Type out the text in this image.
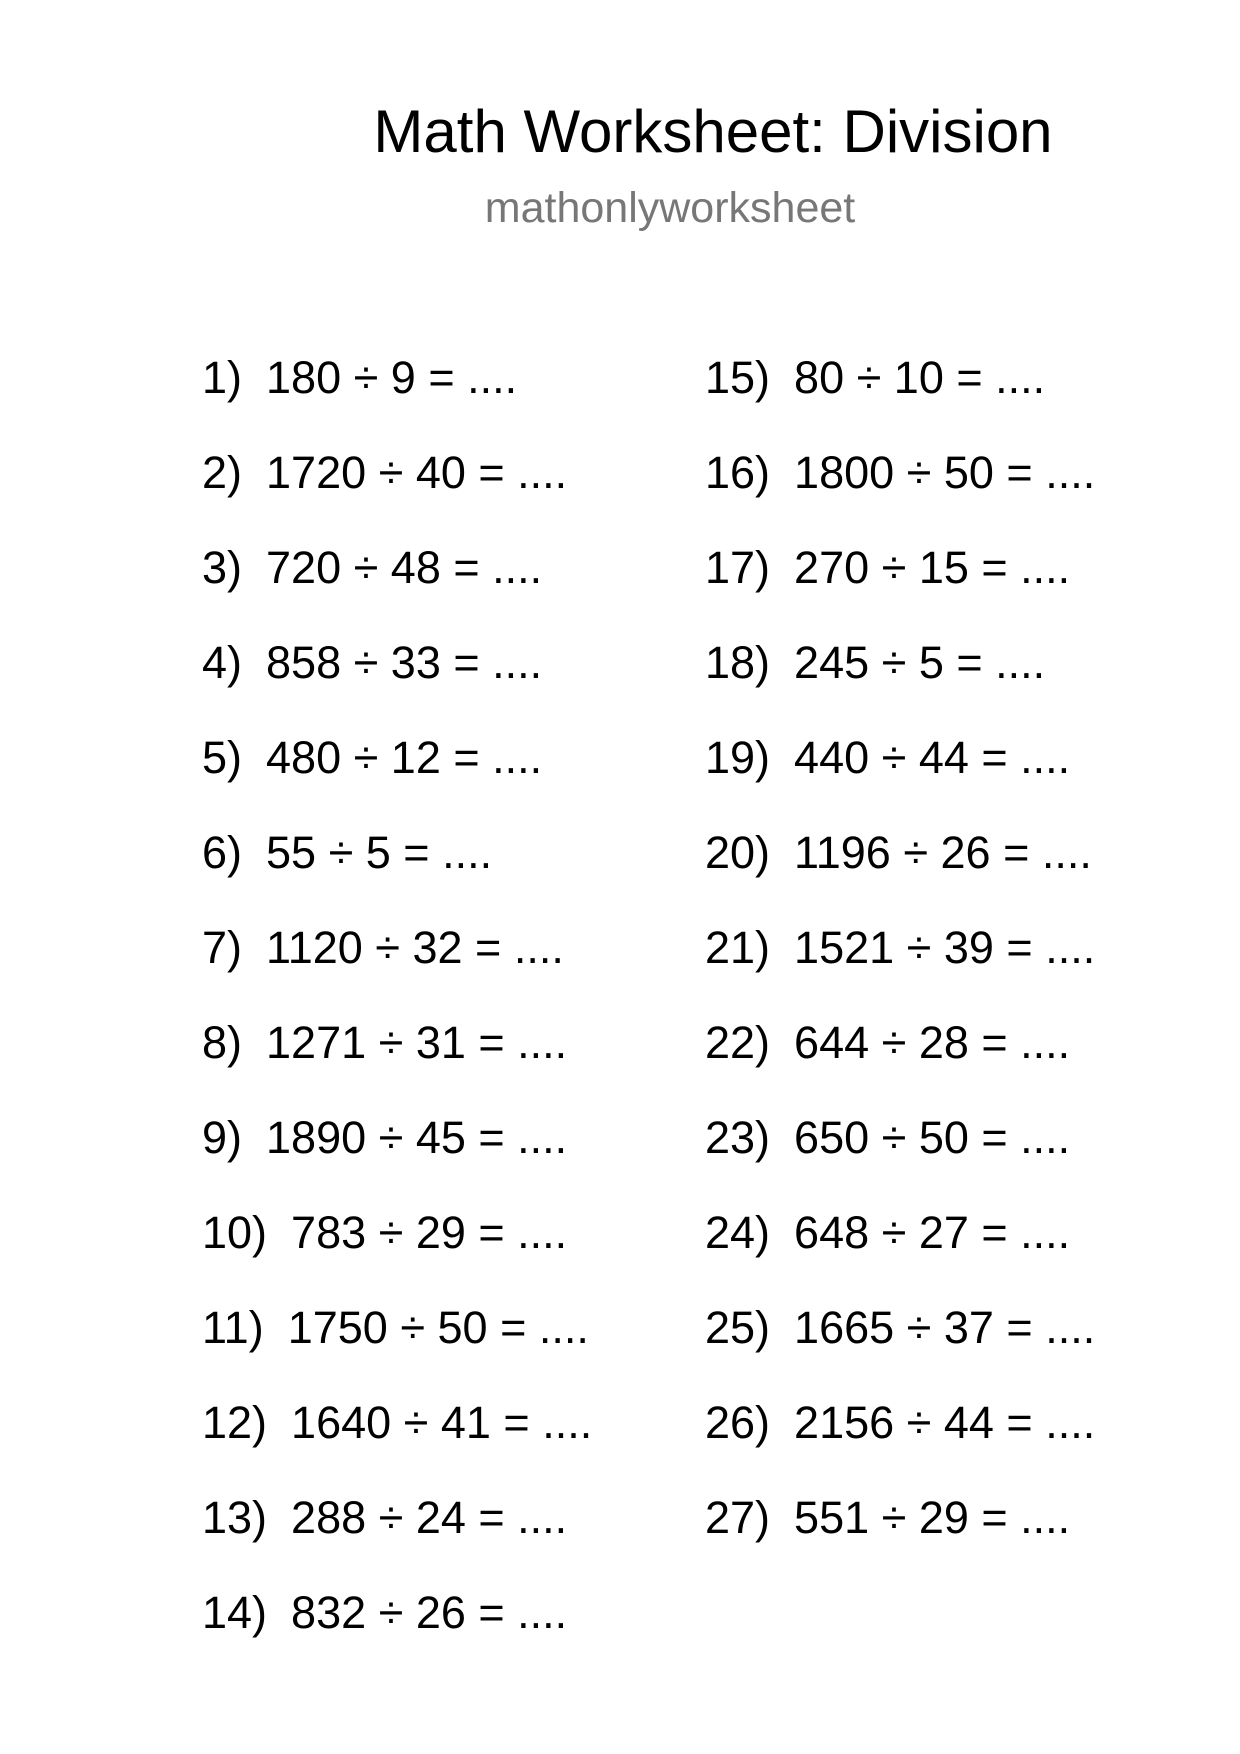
Math Worksheet: Division
mathonlyworksheet
1) 180 ÷ 9 = ....
2) 1720 ÷ 40 = ....
3) 720 ÷ 48 = ....
4) 858 ÷ 33 = ....
5) 480 ÷ 12 = ....
6) 55 ÷ 5 = ....
7) 1120 ÷ 32 = ....
8) 1271 ÷ 31 = ....
9) 1890 ÷ 45 = ....
10) 783 ÷ 29 = ....
11) 1750 ÷ 50 = ....
12) 1640 ÷ 41 = ....
13) 288 ÷ 24 = ....
14) 832 ÷ 26 = ....
15) 80 ÷ 10 = ....
16) 1800 ÷ 50 = ....
17) 270 ÷ 15 = ....
18) 245 ÷ 5 = ....
19) 440 ÷ 44 = ....
20) 1196 ÷ 26 = ....
21) 1521 ÷ 39 = ....
22) 644 ÷ 28 = ....
23) 650 ÷ 50 = ....
24) 648 ÷ 27 = ....
25) 1665 ÷ 37 = ....
26) 2156 ÷ 44 = ....
27) 551 ÷ 29 = ....
